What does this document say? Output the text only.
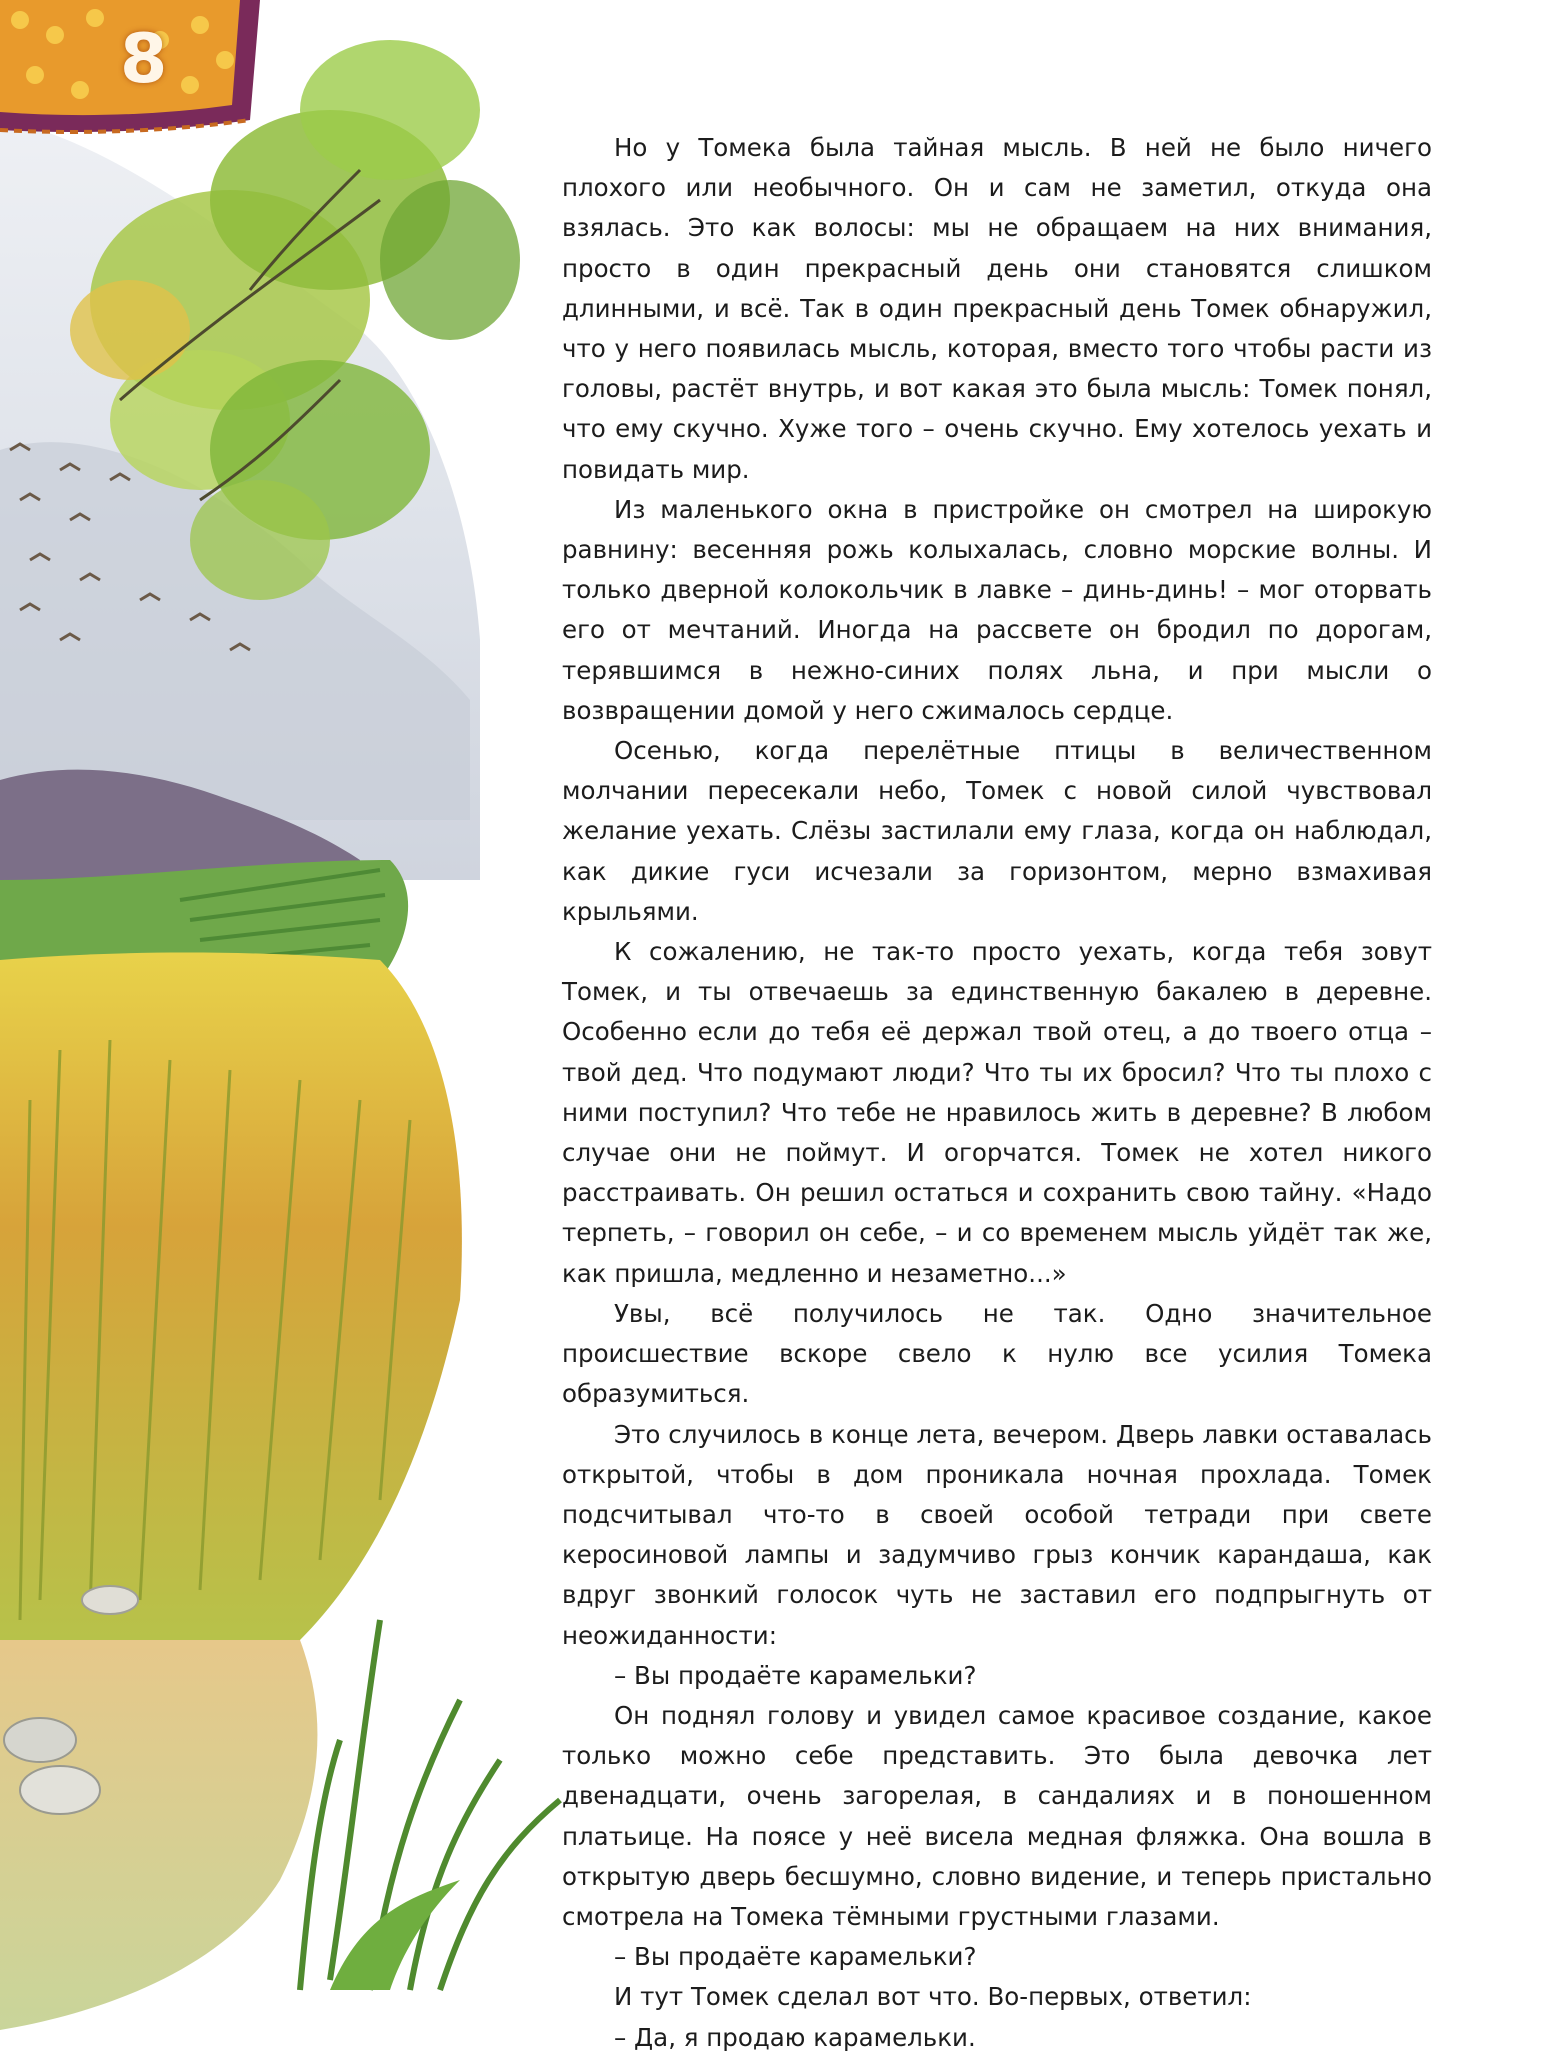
8

Но у Томека была тайная мысль. В ней не было ничего плохого или необычного. Он и сам не заметил, откуда она взялась. Это как волосы: мы не обращаем на них внимания, просто в один прекрасный день они становятся слишком длинными, и всё. Так в один прекрасный день Томек обнаружил, что у него появилась мысль, которая, вместо того чтобы расти из головы, растёт внутрь, и вот какая это была мысль: Томек понял, что ему скучно. Хуже того – очень скучно. Ему хотелось уехать и повидать мир.

Из маленького окна в пристройке он смотрел на широкую равнину: весенняя рожь колыхалась, словно морские волны. И только дверной колокольчик в лавке – динь-динь! – мог оторвать его от мечтаний. Иногда на рассвете он бродил по дорогам, терявшимся в нежно-синих полях льна, и при мысли о возвращении домой у него сжималось сердце.

Осенью, когда перелётные птицы в величественном молчании пересекали небо, Томек с новой силой чувствовал желание уехать. Слёзы застилали ему глаза, когда он наблюдал, как дикие гуси исчезали за горизонтом, мерно взмахивая крыльями.

К сожалению, не так-то просто уехать, когда тебя зовут Томек, и ты отвечаешь за единственную бакалею в деревне. Особенно если до тебя её держал твой отец, а до твоего отца – твой дед. Что подумают люди? Что ты их бросил? Что ты плохо с ними поступил? Что тебе не нравилось жить в деревне? В любом случае они не поймут. И огорчатся. Томек не хотел никого расстраивать. Он решил остаться и сохранить свою тайну. «Надо терпеть, – говорил он себе, – и со временем мысль уйдёт так же, как пришла, медленно и незаметно...»

Увы, всё получилось не так. Одно значительное происшествие вскоре свело к нулю все усилия Томека образумиться.

Это случилось в конце лета, вечером. Дверь лавки оставалась открытой, чтобы в дом проникала ночная прохлада. Томек подсчитывал что-то в своей особой тетради при свете керосиновой лампы и задумчиво грыз кончик карандаша, как вдруг звонкий голосок чуть не заставил его подпрыгнуть от неожиданности:

– Вы продаёте карамельки?

Он поднял голову и увидел самое красивое создание, какое только можно себе представить. Это была девочка лет двенадцати, очень загорелая, в сандалиях и в поношенном платьице. На поясе у неё висела медная фляжка. Она вошла в открытую дверь бесшумно, словно видение, и теперь пристально смотрела на Томека тёмными грустными глазами.

– Вы продаёте карамельки?

И тут Томек сделал вот что. Во-первых, ответил:

– Да, я продаю карамельки.
